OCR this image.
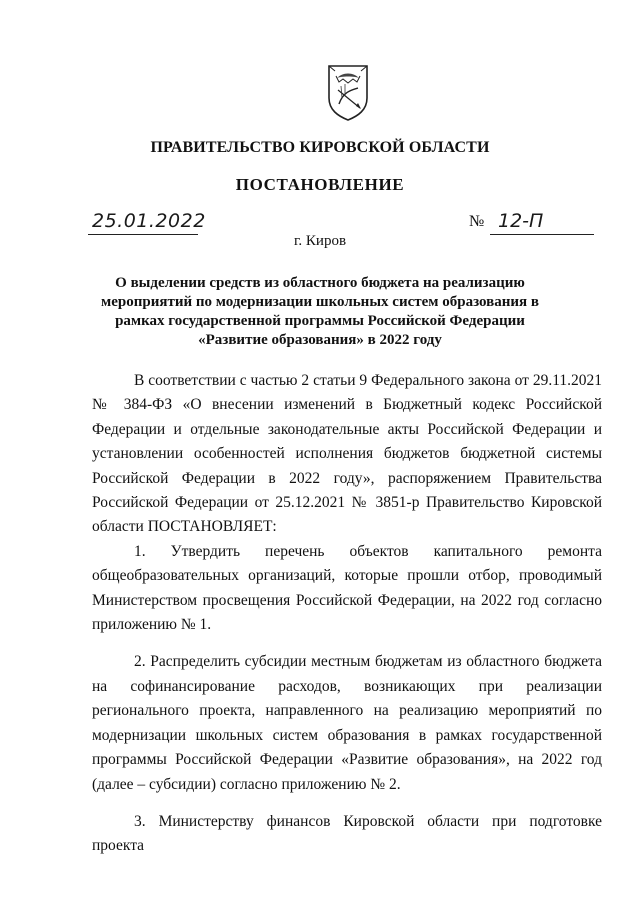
ПРАВИТЕЛЬСТВО КИРОВСКОЙ ОБЛАСТИ
ПОСТАНОВЛЕНИЕ
25.01.2022	№ 12-П
г. Киров
О выделении средств из областного бюджета на реализацию мероприятий по модернизации школьных систем образования в рамках государственной программы Российской Федерации «Развитие образования» в 2022 году

В соответствии с частью 2 статьи 9 Федерального закона от 29.11.2021 № 384-ФЗ «О внесении изменений в Бюджетный кодекс Российской Федерации и отдельные законодательные акты Российской Федерации и установлении особенностей исполнения бюджетов бюджетной системы Российской Федерации в 2022 году», распоряжением Правительства Российской Федерации от 25.12.2021 № 3851-р Правительство Кировской области ПОСТАНОВЛЯЕТ:

1. Утвердить перечень объектов капитального ремонта общеобразовательных организаций, которые прошли отбор, проводимый Министерством просвещения Российской Федерации, на 2022 год согласно приложению № 1.

2. Распределить субсидии местным бюджетам из областного бюджета на софинансирование расходов, возникающих при реализации регионального проекта, направленного на реализацию мероприятий по модернизации школьных систем образования в рамках государственной программы Российской Федерации «Развитие образования», на 2022 год (далее – субсидии) согласно приложению № 2.

3. Министерству финансов Кировской области при подготовке проекта
